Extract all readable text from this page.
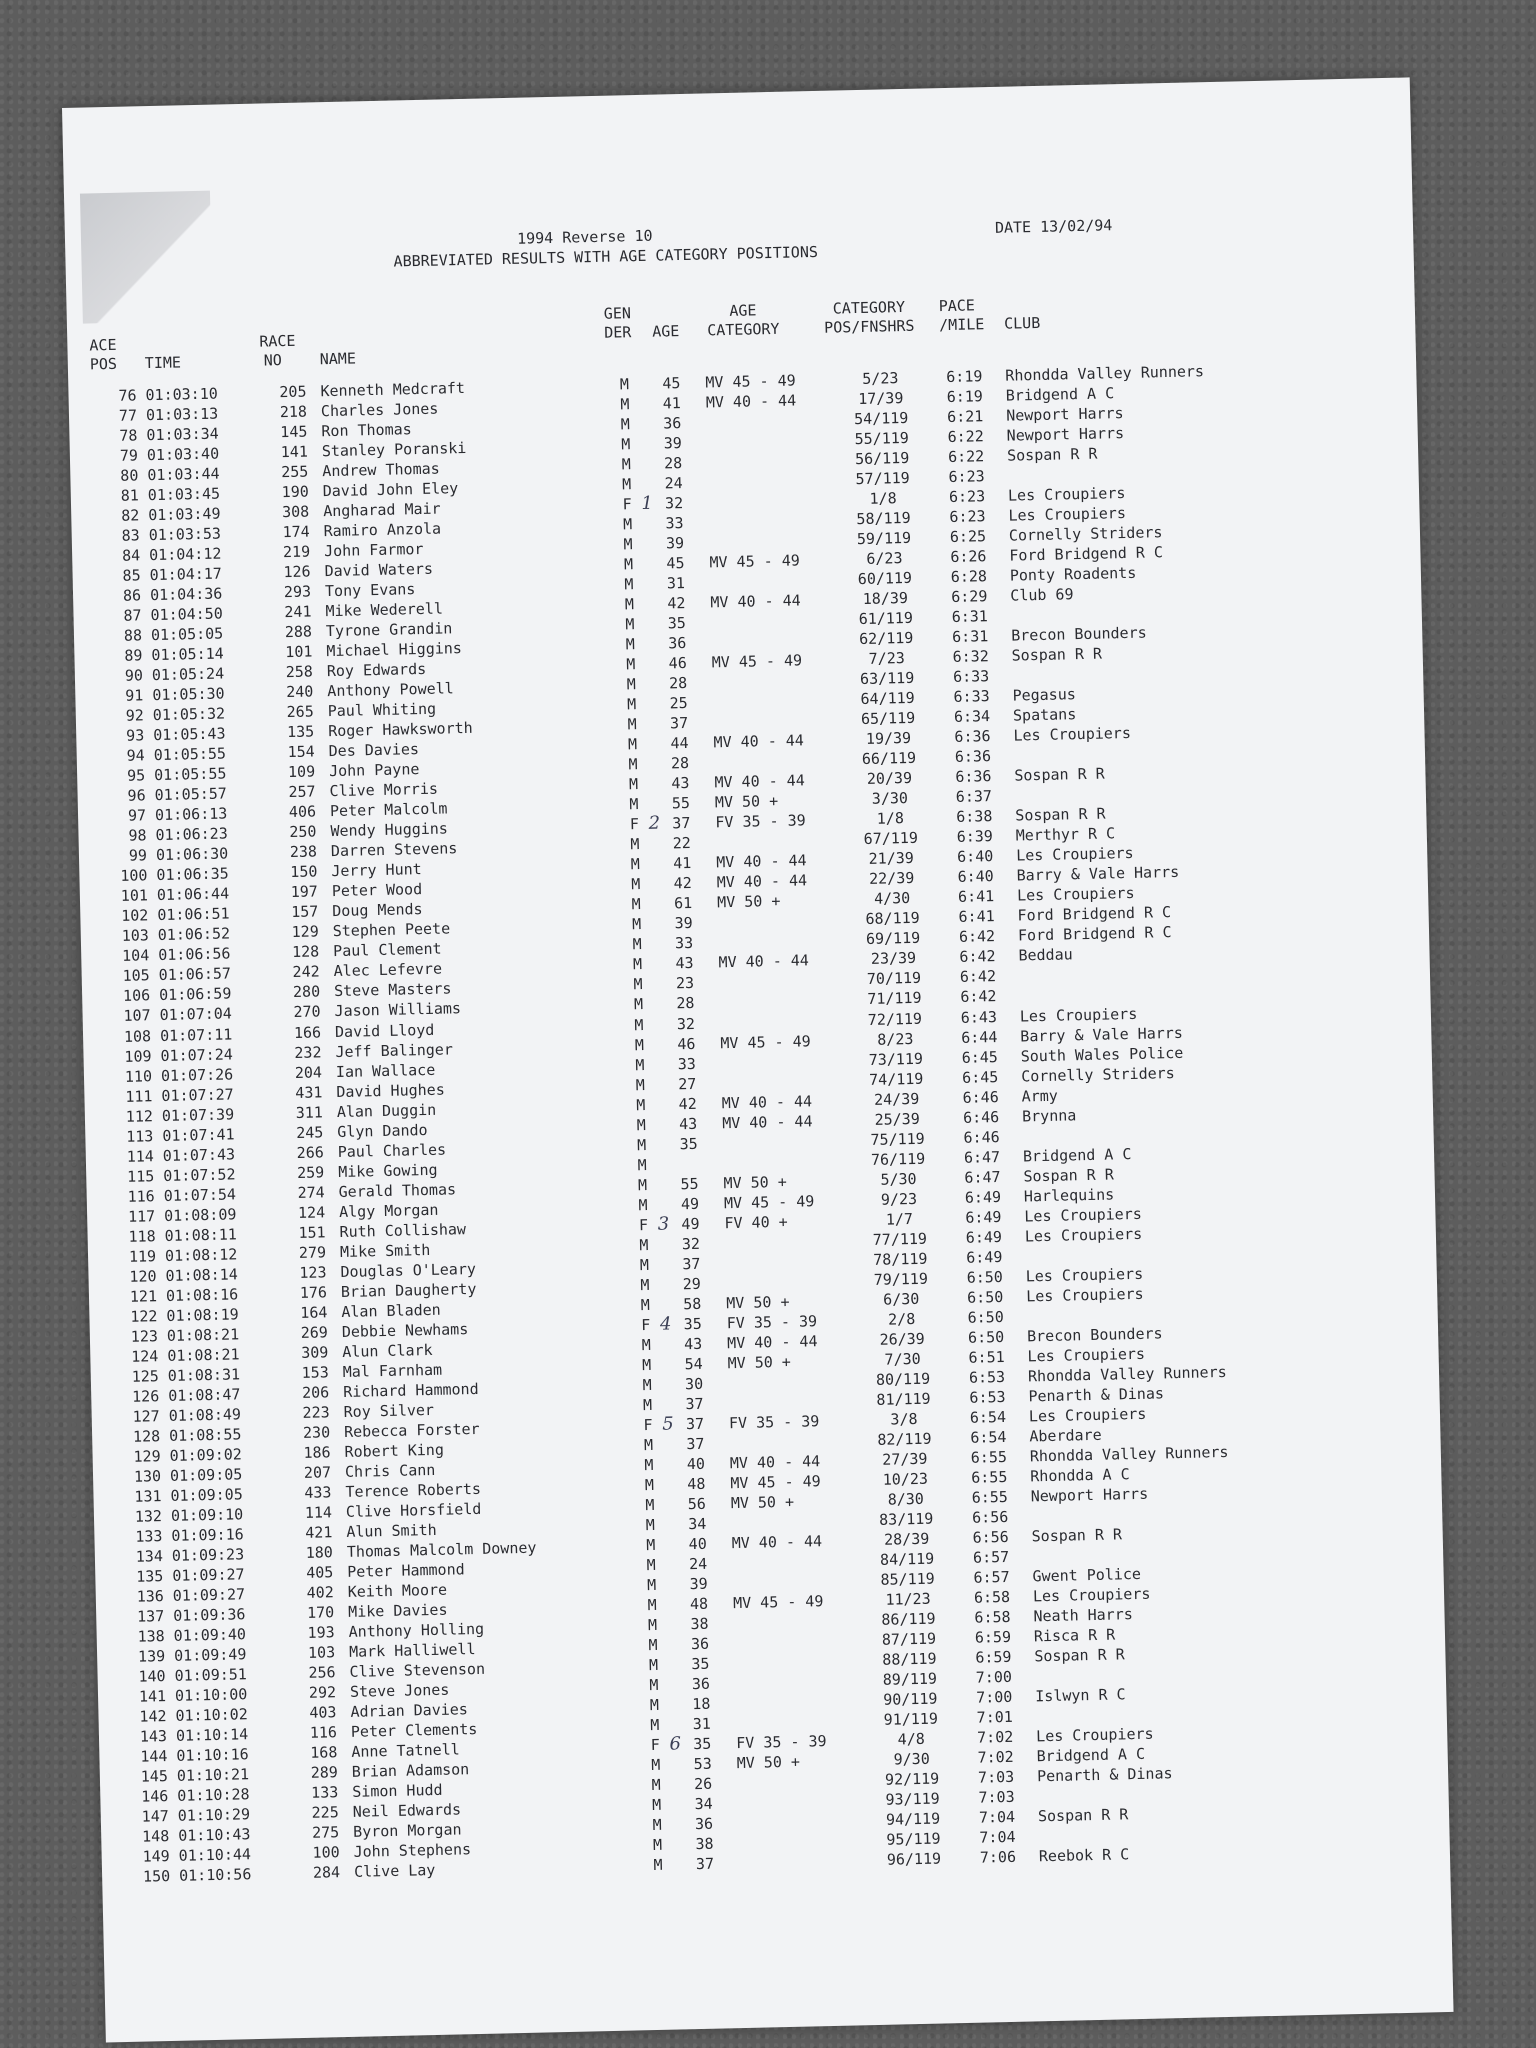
1994 Reverse 10
ABBREVIATED RESULTS WITH AGE CATEGORY POSITIONS
DATE 13/02/94
ACE
POS TIME
RACE
NO	NAME
GEN
DER AGE
AGE
CATEGORY
CATEGORY
POS/FNSHRS
PACE
/MILE CLUB
76 01:03:10	205 Kenneth Medcraft	M	45 MV 45 - 49	5/23	6:19	Rhondda Valley Runners
77 01:03:13	218 Charles Jones	M	41 MV 40 - 44	17/39	6:19	Bridgend A C
78 01:03:34	145 Ron Thomas	M	36	54/119	6:21	Newport Harrs
79 01:03:40	141 Stanley Poranski	M	39	55/119	6:22	Newport Harrs
80 01:03:44	255 Andrew Thomas	M	28	56/119	6:22	Sospan R R
81 01:03:45	190 David John Eley	M	24	57/119	6:23
82 01:03:49	308 Angharad Mair	F 1 32	1/8	6:23	Les Croupiers
83 01:03:53	174 Ramiro Anzola	M	33	58/119	6:23	Les Croupiers
84 01:04:12	219 John Farmor	M	39	59/119	6:25	Cornelly Striders
85 01:04:17	126 David Waters	M	45 MV 45 - 49	6/23	6:26	Ford Bridgend R C
86 01:04:36	293 Tony Evans	M	31	60/119	6:28	Ponty Roadents
87 01:04:50	241 Mike Wederell	M	42 MV 40 - 44	18/39	6:29	Club 69
88 01:05:05	288 Tyrone Grandin	M	35	61/119	6:31
89 01:05:14	101 Michael Higgins	M	36	62/119	6:31	Brecon Bounders
90 01:05:24	258 Roy Edwards	M	46 MV 45 - 49	7/23	6:32	Sospan R R
91 01:05:30	240 Anthony Powell	M	28	63/119	6:33
92 01:05:32	265 Paul Whiting	M	25	64/119	6:33	Pegasus
93 01:05:43	135 Roger Hawksworth	M	37	65/119	6:34	Spatans
94 01:05:55	154 Des Davies	M	44 MV 40 - 44	19/39	6:36	Les Croupiers
95 01:05:55	109 John Payne	M	28	66/119	6:36
96 01:05:57	257 Clive Morris	M	43 MV 40 - 44	20/39	6:36	Sospan R R
97 01:06:13	406 Peter Malcolm	M	55 MV 50 +	3/30	6:37
98 01:06:23	250 Wendy Huggins	F 2 37 FV 35 - 39	1/8	6:38	Sospan R R
99 01:06:30	238 Darren Stevens	M	22	67/119	6:39	Merthyr R C
100 01:06:35	150 Jerry Hunt	M	41 MV 40 - 44	21/39	6:40	Les Croupiers
101 01:06:44	197 Peter Wood	M	42 MV 40 - 44	22/39	6:40	Barry & Vale Harrs
102 01:06:51	157 Doug Mends	M	61 MV 50 +	4/30	6:41	Les Croupiers
103 01:06:52	129 Stephen Peete	M	39	68/119	6:41	Ford Bridgend R C
104 01:06:56	128 Paul Clement	M	33	69/119	6:42	Ford Bridgend R C
105 01:06:57	242 Alec Lefevre	M	43 MV 40 - 44	23/39	6:42	Beddau
106 01:06:59	280 Steve Masters	M	23	70/119	6:42
107 01:07:04	270 Jason Williams	M	28	71/119	6:42
108 01:07:11	166 David Lloyd	M	32	72/119	6:43	Les Croupiers
109 01:07:24	232 Jeff Balinger	M	46 MV 45 - 49	8/23	6:44	Barry & Vale Harrs
110 01:07:26	204 Ian Wallace	M	33	73/119	6:45	South Wales Police
111 01:07:27	431 David Hughes	M	27	74/119	6:45	Cornelly Striders
112 01:07:39	311 Alan Duggin	M	42 MV 40 - 44	24/39	6:46	Army
113 01:07:41	245 Glyn Dando	M	43 MV 40 - 44	25/39	6:46	Brynna
114 01:07:43	266 Paul Charles	M	35	75/119	6:46
115 01:07:52	259 Mike Gowing	M	76/119	6:47	Bridgend A C
116 01:07:54	274 Gerald Thomas	M	55 MV 50 +	5/30	6:47	Sospan R R
117 01:08:09	124 Algy Morgan	M	49 MV 45 - 49	9/23	6:49	Harlequins
118 01:08:11	151 Ruth Collishaw	F 3 49 FV 40 +	1/7	6:49	Les Croupiers
119 01:08:12	279 Mike Smith	M	32	77/119	6:49	Les Croupiers
120 01:08:14	123 Douglas O'Leary	M	37	78/119	6:49
121 01:08:16	176 Brian Daugherty	M	29	79/119	6:50	Les Croupiers
122 01:08:19	164 Alan Bladen	M	58 MV 50 +	6/30	6:50	Les Croupiers
123 01:08:21	269 Debbie Newhams	F 4 35 FV 35 - 39	2/8	6:50
124 01:08:21	309 Alun Clark	M	43 MV 40 - 44	26/39	6:50	Brecon Bounders
125 01:08:31	153 Mal Farnham	M	54 MV 50 +	7/30	6:51	Les Croupiers
126 01:08:47	206 Richard Hammond	M	30	80/119	6:53	Rhondda Valley Runners
127 01:08:49	223 Roy Silver	M	37	81/119	6:53	Penarth & Dinas
128 01:08:55	230 Rebecca Forster	F 5 37 FV 35 - 39	3/8	6:54	Les Croupiers
129 01:09:02	186 Robert King	M	37	82/119	6:54	Aberdare
130 01:09:05	207 Chris Cann	M	40 MV 40 - 44	27/39	6:55	Rhondda Valley Runners
131 01:09:05	433 Terence Roberts	M	48 MV 45 - 49	10/23	6:55	Rhondda A C
132 01:09:10	114 Clive Horsfield	M	56 MV 50 +	8/30	6:55	Newport Harrs
133 01:09:16	421 Alun Smith	M	34	83/119	6:56
134 01:09:23	180 Thomas Malcolm Downey	M	40 MV 40 - 44	28/39	6:56	Sospan R R
135 01:09:27	405 Peter Hammond	M	24	84/119	6:57
136 01:09:27	402 Keith Moore	M	39	85/119	6:57	Gwent Police
137 01:09:36	170 Mike Davies	M	48 MV 45 - 49	11/23	6:58	Les Croupiers
138 01:09:40	193 Anthony Holling	M	38	86/119	6:58	Neath Harrs
139 01:09:49	103 Mark Halliwell	M	36	87/119	6:59	Risca R R
140 01:09:51	256 Clive Stevenson	M	35	88/119	6:59	Sospan R R
141 01:10:00	292 Steve Jones	M	36	89/119	7:00
142 01:10:02	403 Adrian Davies	M	18	90/119	7:00	Islwyn R C
143 01:10:14	116 Peter Clements	M	31	91/119	7:01
144 01:10:16	168 Anne Tatnell	F 6 35 FV 35 - 39	4/8	7:02	Les Croupiers
145 01:10:21	289 Brian Adamson	M	53 MV 50 +	9/30	7:02	Bridgend A C
146 01:10:28	133 Simon Hudd	M	26	92/119	7:03	Penarth & Dinas
147 01:10:29	225 Neil Edwards	M	34	93/119	7:03
148 01:10:43	275 Byron Morgan	M	36	94/119	7:04	Sospan R R
149 01:10:44	100 John Stephens	M	38	95/119	7:04
150 01:10:56	284 Clive Lay	M	37	96/119	7:06	Reebok R C
